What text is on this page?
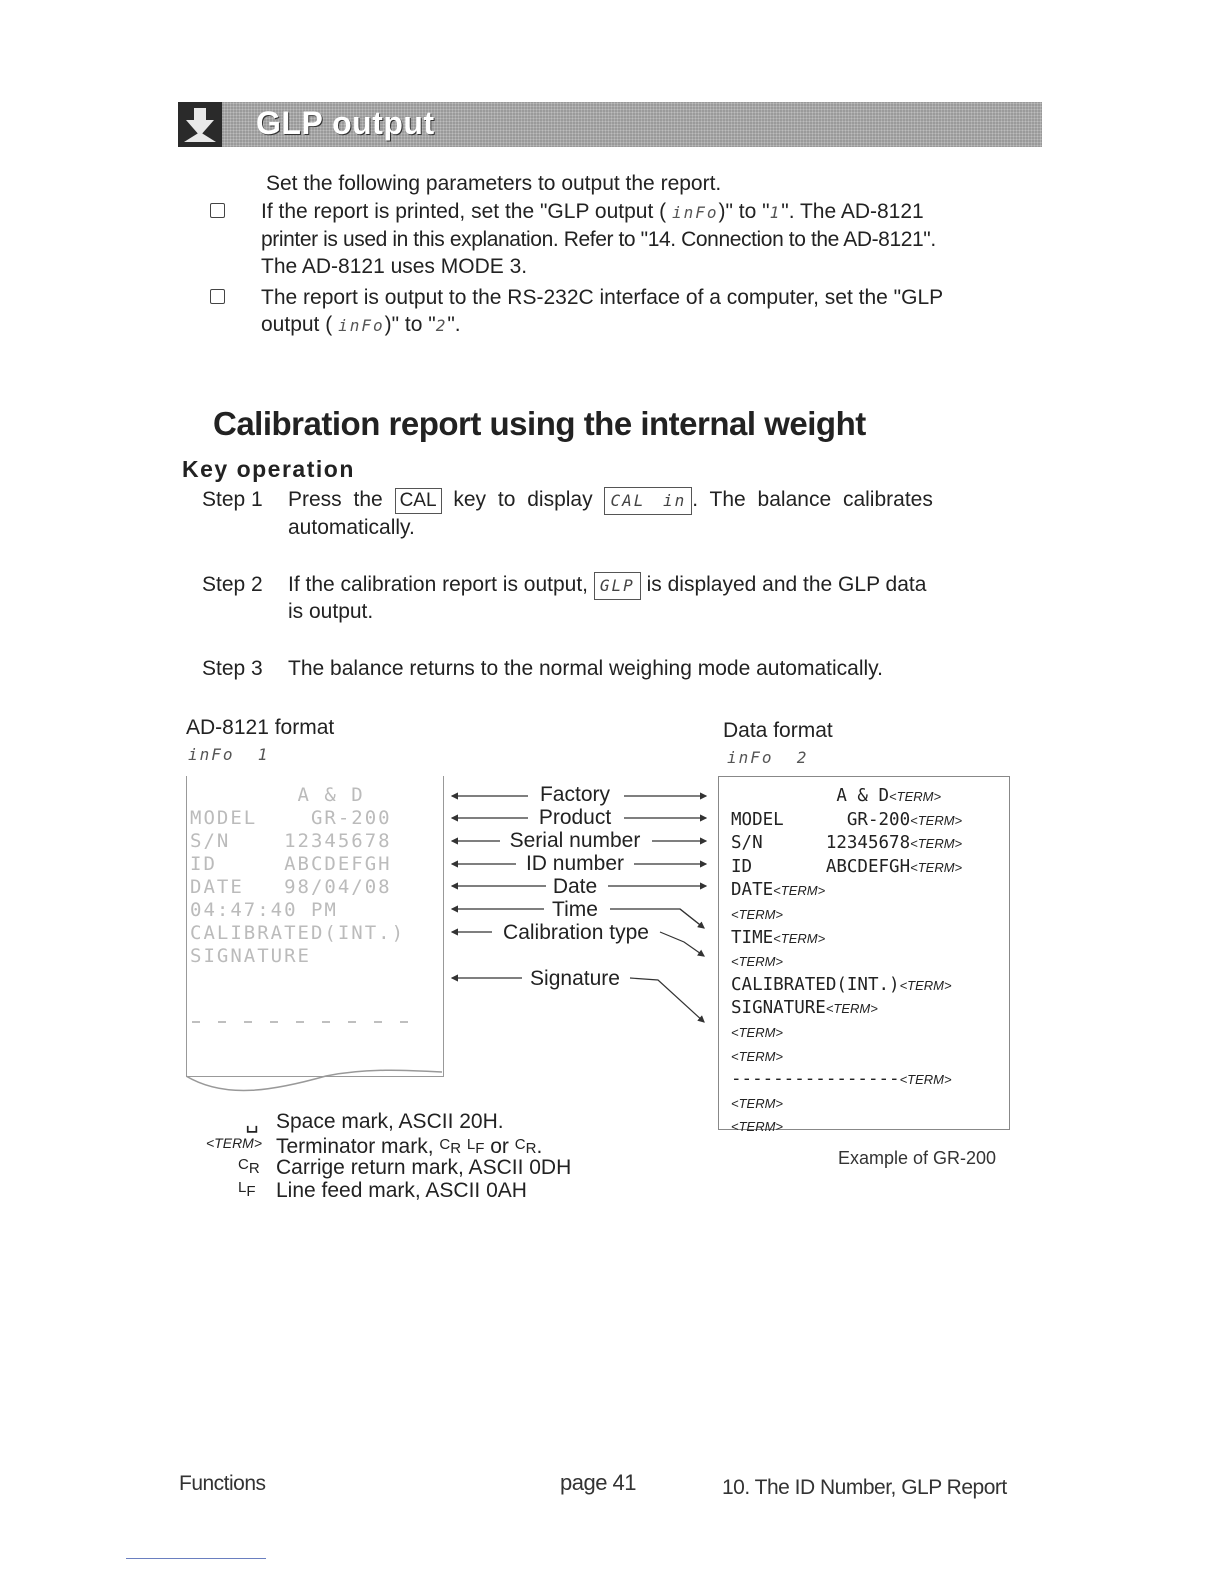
GLP output
Set the following parameters to output the report.
If the report is printed, set the "GLP output ( inFo)" to "1". The AD-8121
printer is used in this explanation. Refer to "14. Connection to the AD-8121".
The AD-8121 uses MODE 3.
The report is output to the RS-232C interface of a computer, set the "GLP
output ( inFo)" to "2".
Calibration report using the internal weight
Key operation
Step 1 Press the CAL key to display CAL in . The balance calibrates
automatically.
Step 2 If the calibration report is output, GLP is displayed and the GLP data
is output.
Step 3 The balance returns to the normal weighing mode automatically.
AD-8121 format
inFo  1
Data format
inFo  2
A & D
MODEL    GR-200
S/N    12345678
ID     ABCDEFGH
DATE   98/04/08
04:47:40 PM
CALIBRATED(INT.)
SIGNATURE
Factory
Product
Serial number
ID number
Date
Time
Calibration type
Signature
A & D<TERM>
MODEL      GR-200<TERM>
S/N      12345678<TERM>
ID       ABCDEFGH<TERM>
DATE<TERM>
<TERM>
TIME<TERM>
<TERM>
CALIBRATED(INT.)<TERM>
SIGNATURE<TERM>
<TERM>
<TERM>
----------------<TERM>
<TERM>
<TERM>
Example of GR-200
␣ Space mark, ASCII 20H.
<TERM> Terminator mark, CR LF or CR.
CR Carrige return mark, ASCII 0DH
LF Line feed mark, ASCII 0AH
Functions	page 41	10. The ID Number, GLP Report
